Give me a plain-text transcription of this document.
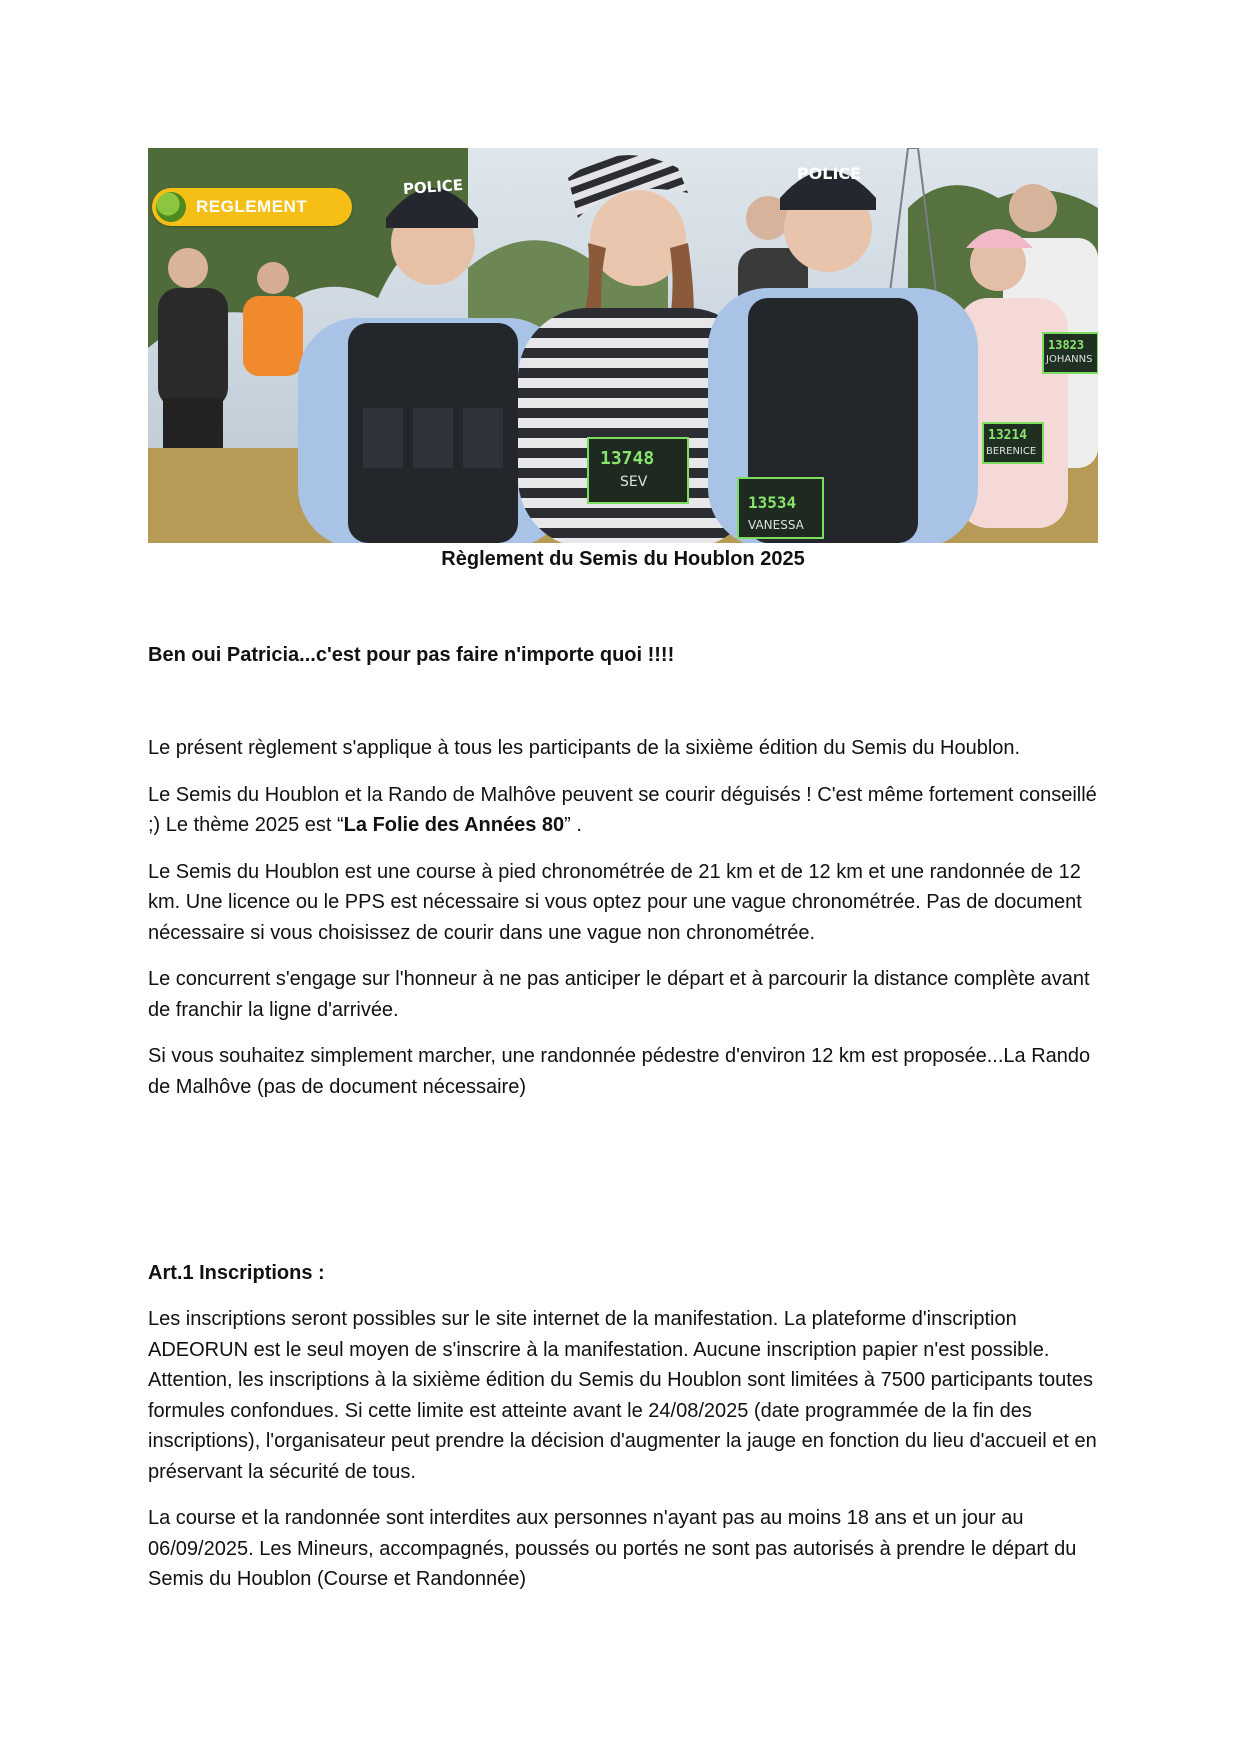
REGLEMENT
POLICE
POLICE
13748
SEV
13534
VANESSA
13823
JOHANNS
13214
BERENICE
Règlement du Semis du Houblon 2025

Ben oui Patricia...c'est pour pas faire n'importe quoi !!!!

Le présent règlement s'applique à tous les participants de la sixième édition du Semis du Houblon.

Le Semis du Houblon et la Rando de Malhôve peuvent se courir déguisés ! C'est même fortement conseillé ;) Le thème 2025 est “La Folie des Années 80” .

Le Semis du Houblon est une course à pied chronométrée de 21 km et de 12 km et une randonnée de 12 km. Une licence ou le PPS est nécessaire si vous optez pour une vague chronométrée. Pas de document nécessaire si vous choisissez de courir dans une vague non chronométrée.

Le concurrent s'engage sur l'honneur à ne pas anticiper le départ et à parcourir la distance complète avant de franchir la ligne d'arrivée.

Si vous souhaitez simplement marcher, une randonnée pédestre d'environ 12 km est proposée...La Rando de Malhôve (pas de document nécessaire)

Art.1 Inscriptions :

Les inscriptions seront possibles sur le site internet de la manifestation. La plateforme d'inscription ADEORUN est le seul moyen de s'inscrire à la manifestation. Aucune inscription papier n'est possible. Attention, les inscriptions à la sixième édition du Semis du Houblon sont limitées à 7500 participants toutes formules confondues. Si cette limite est atteinte avant le 24/08/2025 (date programmée de la fin des inscriptions), l'organisateur peut prendre la décision d'augmenter la jauge en fonction du lieu d'accueil et en préservant la sécurité de tous.

La course et la randonnée sont interdites aux personnes n'ayant pas au moins 18 ans et un jour au 06/09/2025. Les Mineurs, accompagnés, poussés ou portés ne sont pas autorisés à prendre le départ du Semis du Houblon (Course et Randonnée)
